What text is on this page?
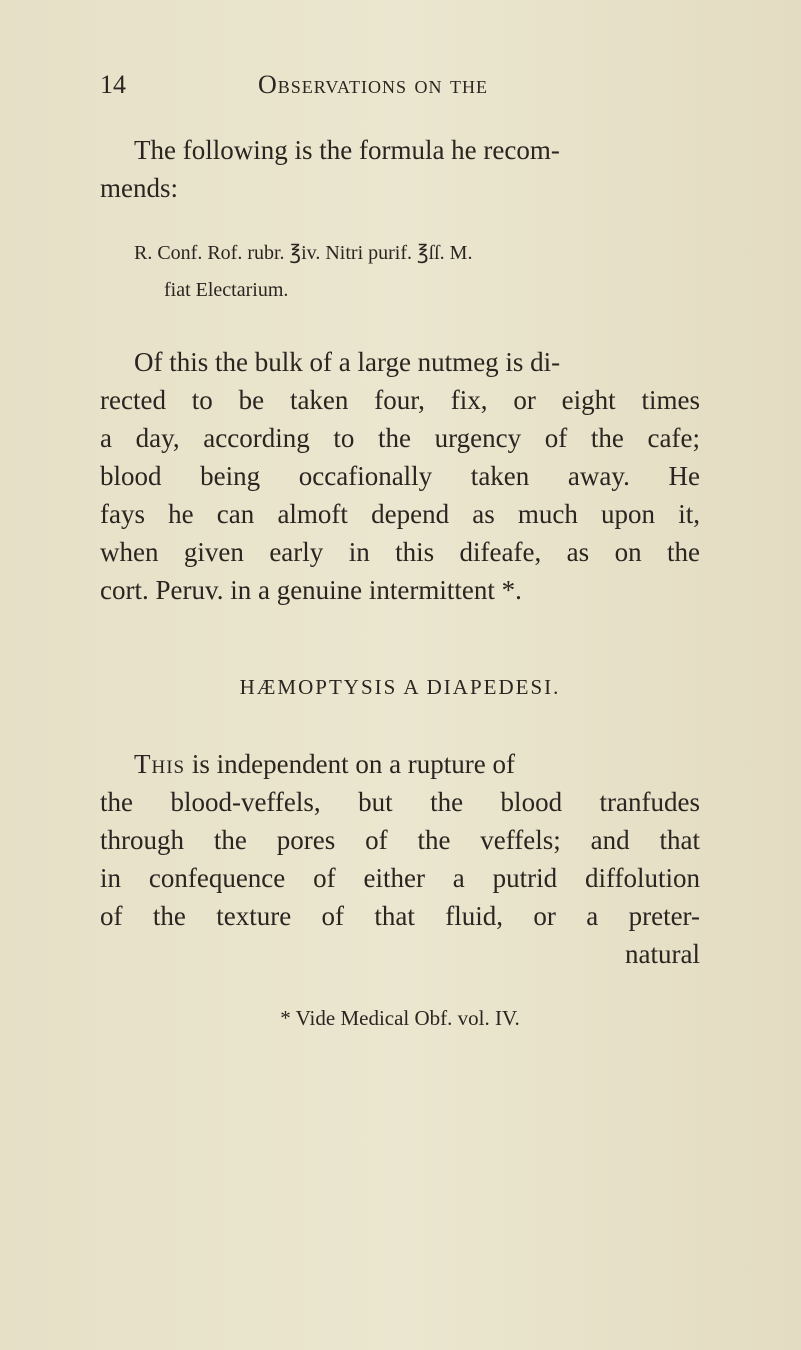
14	Observations on the
The following is the formula he recom-
mends:
R. Conf. Rof. rubr. ℥iv. Nitri purif. ℥ſſ. M.
fiat Electarium.
Of this the bulk of a large nutmeg is di-
rected to be taken four, fix, or eight times
a day, according to the urgency of the cafe;
blood being occafionally taken away. He
fays he can almoft depend as much upon it,
when given early in this difeafe, as on the
cort. Peruv. in a genuine intermittent *.
HÆMOPTYSIS A DIAPEDESI.
This is independent on a rupture of
the blood-veffels, but the blood tranfudes
through the pores of the veffels; and that
in confequence of either a putrid diffolution
of the texture of that fluid, or a preter-
natural
* Vide Medical Obf. vol. IV.
